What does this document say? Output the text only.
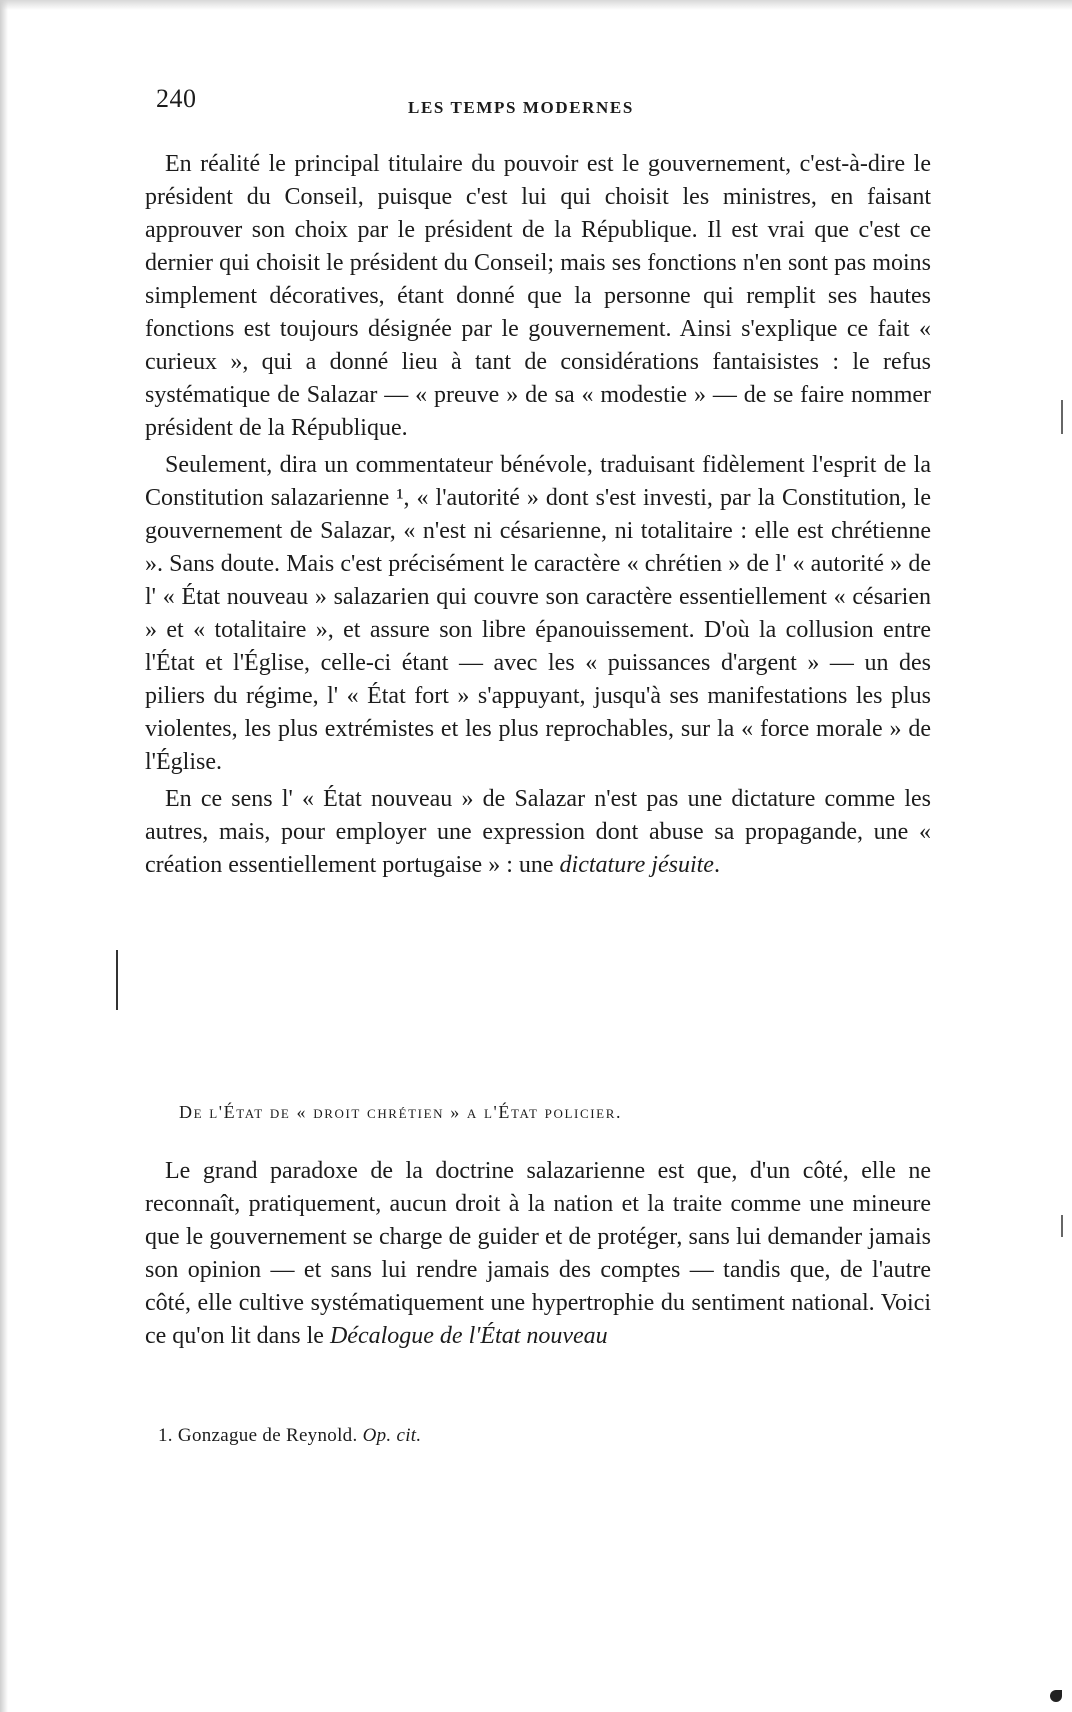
240	LES TEMPS MODERNES

En réalité le principal titulaire du pouvoir est le gouvernement, c'est-à-dire le président du Conseil, puisque c'est lui qui choisit les ministres, en faisant approuver son choix par le président de la République. Il est vrai que c'est ce dernier qui choisit le président du Conseil; mais ses fonctions n'en sont pas moins simplement décoratives, étant donné que la personne qui remplit ses hautes fonctions est toujours désignée par le gouvernement. Ainsi s'explique ce fait « curieux », qui a donné lieu à tant de considérations fantaisistes : le refus systématique de Salazar — « preuve » de sa « modestie » — de se faire nommer président de la République.

Seulement, dira un commentateur bénévole, traduisant fidèlement l'esprit de la Constitution salazarienne ¹, « l'autorité » dont s'est investi, par la Constitution, le gouvernement de Salazar, « n'est ni césarienne, ni totalitaire : elle est chrétienne ». Sans doute. Mais c'est précisément le caractère « chrétien » de l' « autorité » de l' « État nouveau » salazarien qui couvre son caractère essentiellement « césarien » et « totalitaire », et assure son libre épanouissement. D'où la collusion entre l'État et l'Église, celle-ci étant — avec les « puissances d'argent » — un des piliers du régime, l' « État fort » s'appuyant, jusqu'à ses manifestations les plus violentes, les plus extrémistes et les plus reprochables, sur la « force morale » de l'Église.

En ce sens l' « État nouveau » de Salazar n'est pas une dictature comme les autres, mais, pour employer une expression dont abuse sa propagande, une « création essentiellement portugaise » : une dictature jésuite.

De l'État de « droit chrétien » a l'État policier.

Le grand paradoxe de la doctrine salazarienne est que, d'un côté, elle ne reconnaît, pratiquement, aucun droit à la nation et la traite comme une mineure que le gouvernement se charge de guider et de protéger, sans lui demander jamais son opinion — et sans lui rendre jamais des comptes — tandis que, de l'autre côté, elle cultive systématiquement une hypertrophie du sentiment national. Voici ce qu'on lit dans le Décalogue de l'État nouveau

1. Gonzague de Reynold. Op. cit.
